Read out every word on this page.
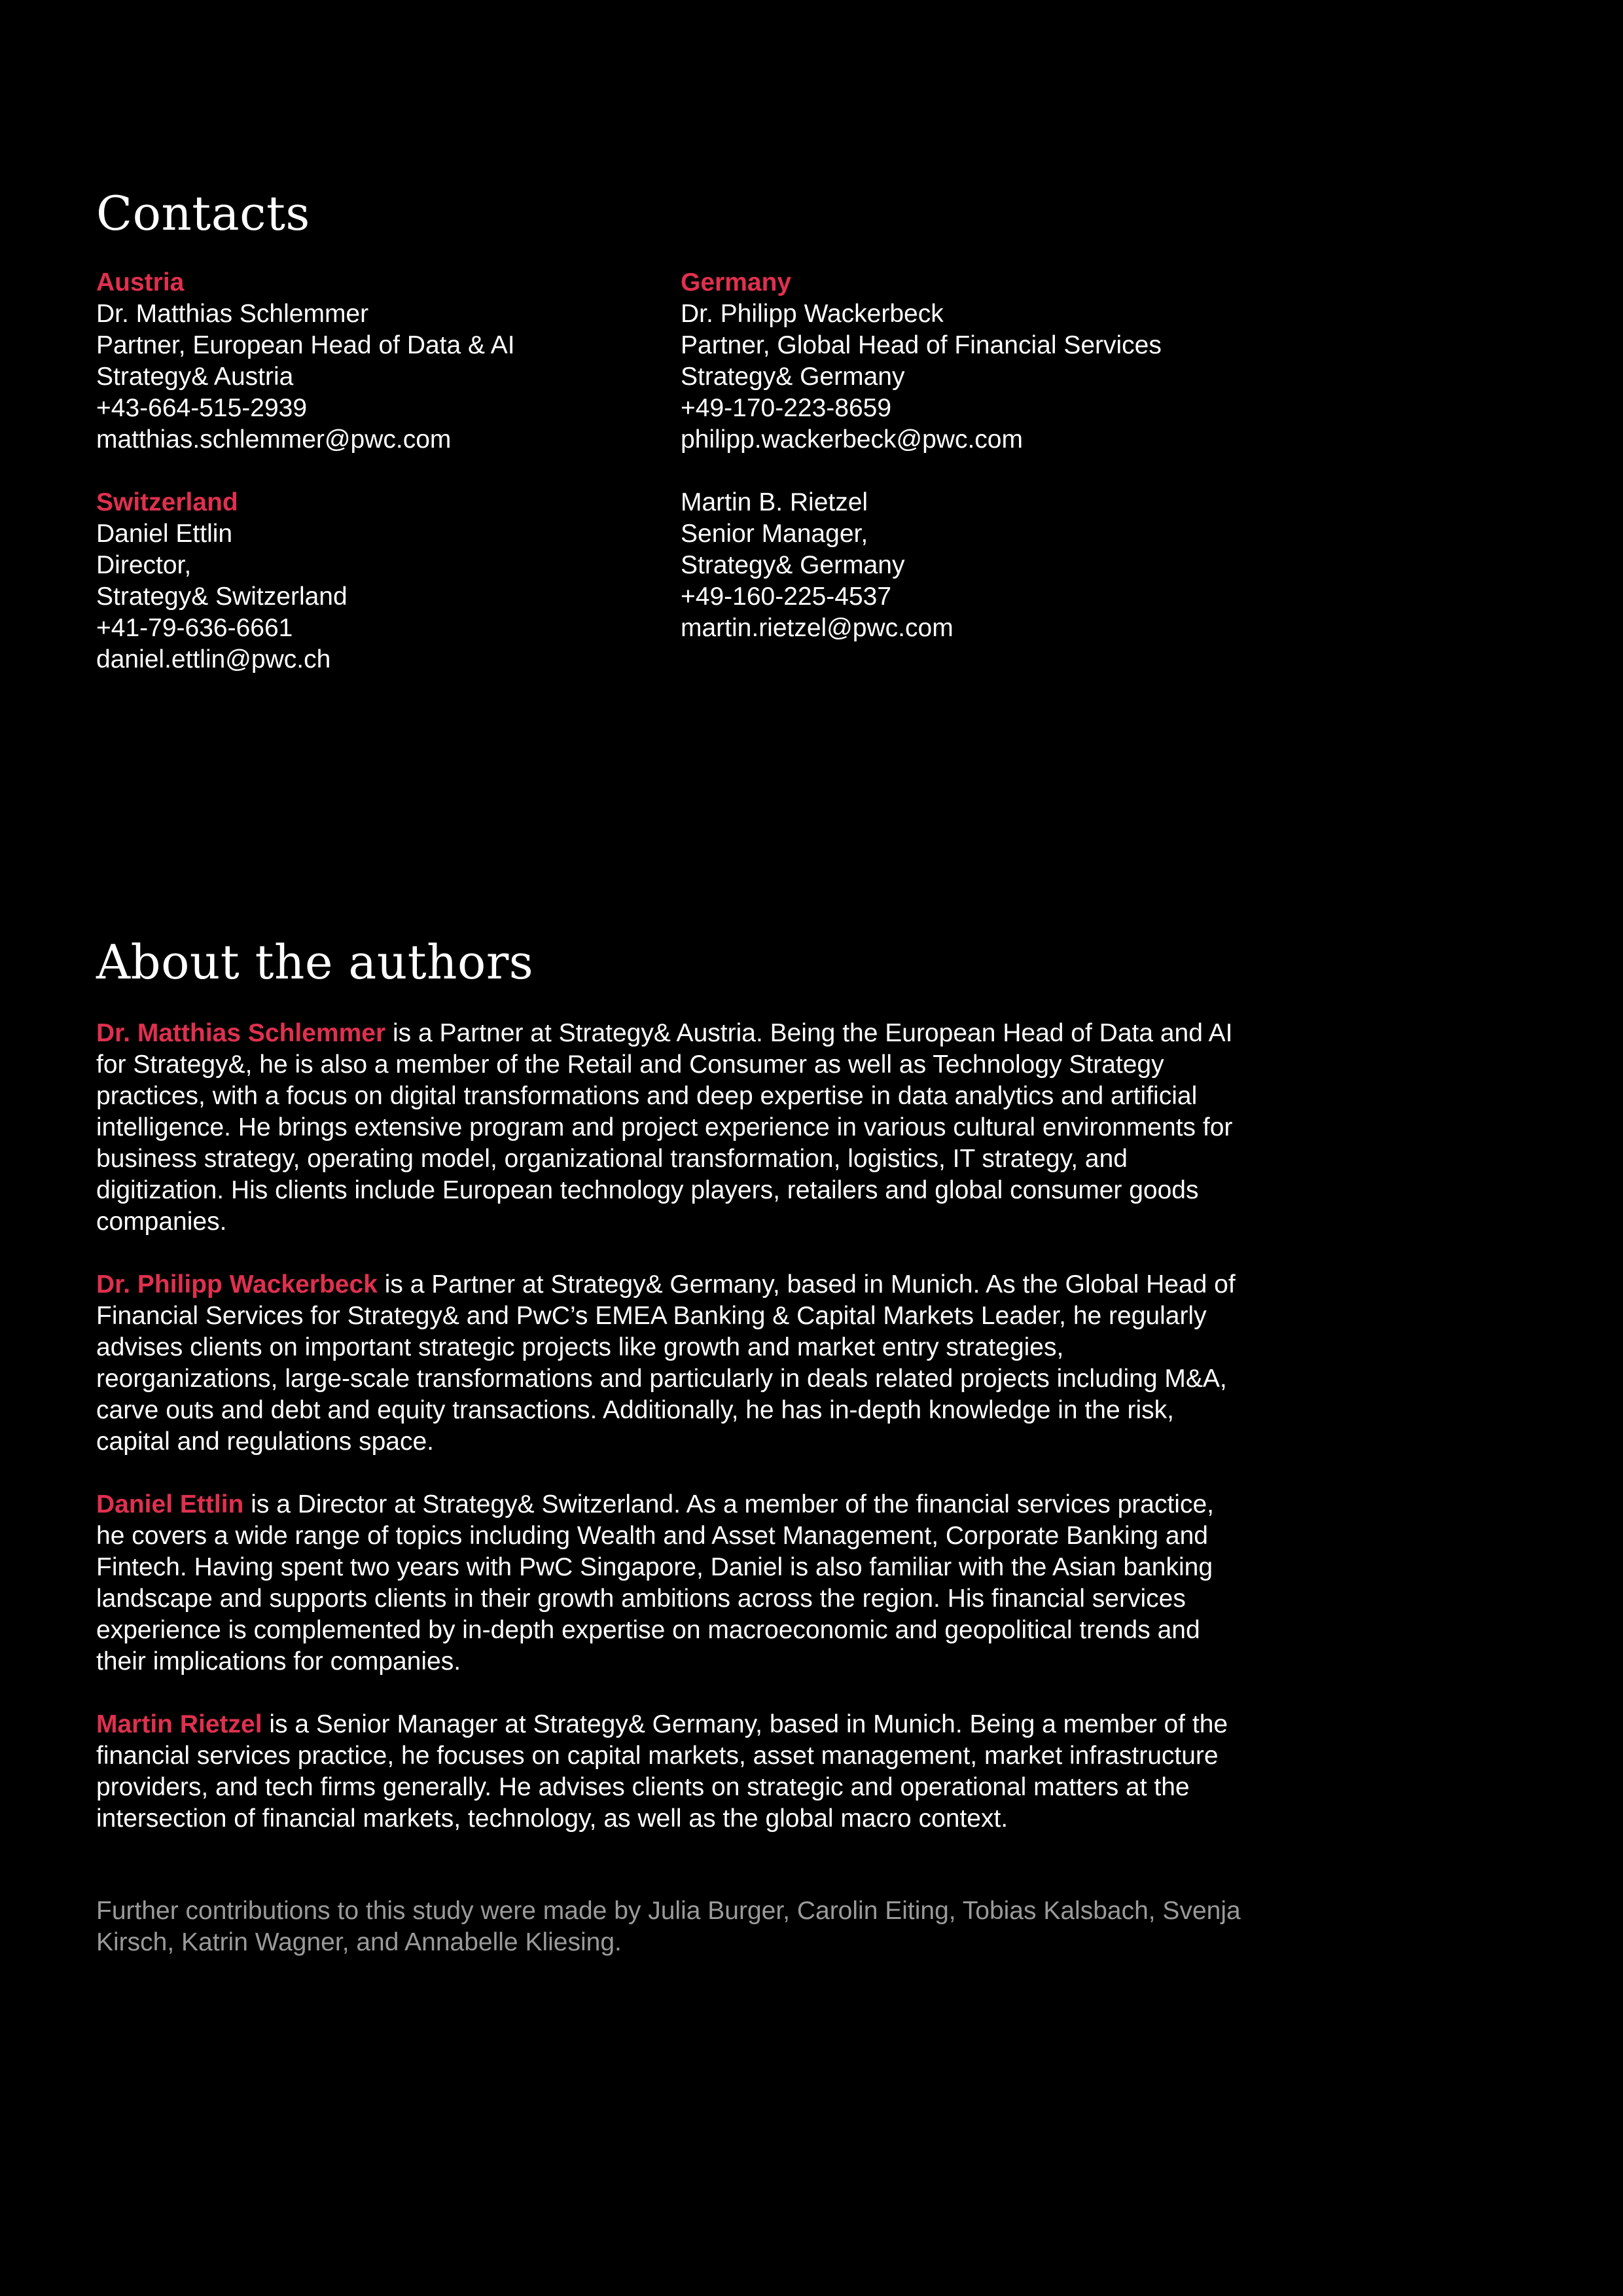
Contacts
Austria
Dr. Matthias Schlemmer
Partner, European Head of Data & AI
Strategy& Austria
+43-664-515-2939
matthias.schlemmer@pwc.com
Switzerland
Daniel Ettlin
Director,
Strategy& Switzerland
+41-79-636-6661
daniel.ettlin@pwc.ch
Germany
Dr. Philipp Wackerbeck
Partner, Global Head of Financial Services
Strategy& Germany
+49-170-223-8659
philipp.wackerbeck@pwc.com
Martin B. Rietzel
Senior Manager,
Strategy& Germany
+49-160-225-4537
martin.rietzel@pwc.com
About the authors

Dr. Matthias Schlemmer is a Partner at Strategy& Austria. Being the European Head of Data and AI for Strategy&, he is also a member of the Retail and Consumer as well as Technology Strategy practices, with a focus on digital transformations and deep expertise in data analytics and artificial intelligence. He brings extensive program and project experience in various cultural environments for business strategy, operating model, organizational transformation, logistics, IT strategy, and digitization. His clients include European technology players, retailers and global consumer goods companies.

Dr. Philipp Wackerbeck is a Partner at Strategy& Germany, based in Munich. As the Global Head of Financial Services for Strategy& and PwC’s EMEA Banking & Capital Markets Leader, he regularly advises clients on important strategic projects like growth and market entry strategies, reorganizations, large-scale transformations and particularly in deals related projects including M&A, carve outs and debt and equity transactions. Additionally, he has in-depth knowledge in the risk, capital and regulations space.

Daniel Ettlin is a Director at Strategy& Switzerland. As a member of the financial services practice, he covers a wide range of topics including Wealth and Asset Management, Corporate Banking and Fintech. Having spent two years with PwC Singapore, Daniel is also familiar with the Asian banking landscape and supports clients in their growth ambitions across the region. His financial services experience is complemented by in-depth expertise on macroeconomic and geopolitical trends and their implications for companies.

Martin Rietzel is a Senior Manager at Strategy& Germany, based in Munich. Being a member of the financial services practice, he focuses on capital markets, asset management, market infrastructure providers, and tech firms generally. He advises clients on strategic and operational matters at the intersection of financial markets, technology, as well as the global macro context.

Further contributions to this study were made by Julia Burger, Carolin Eiting, Tobias Kalsbach, Svenja Kirsch, Katrin Wagner, and Annabelle Kliesing.
